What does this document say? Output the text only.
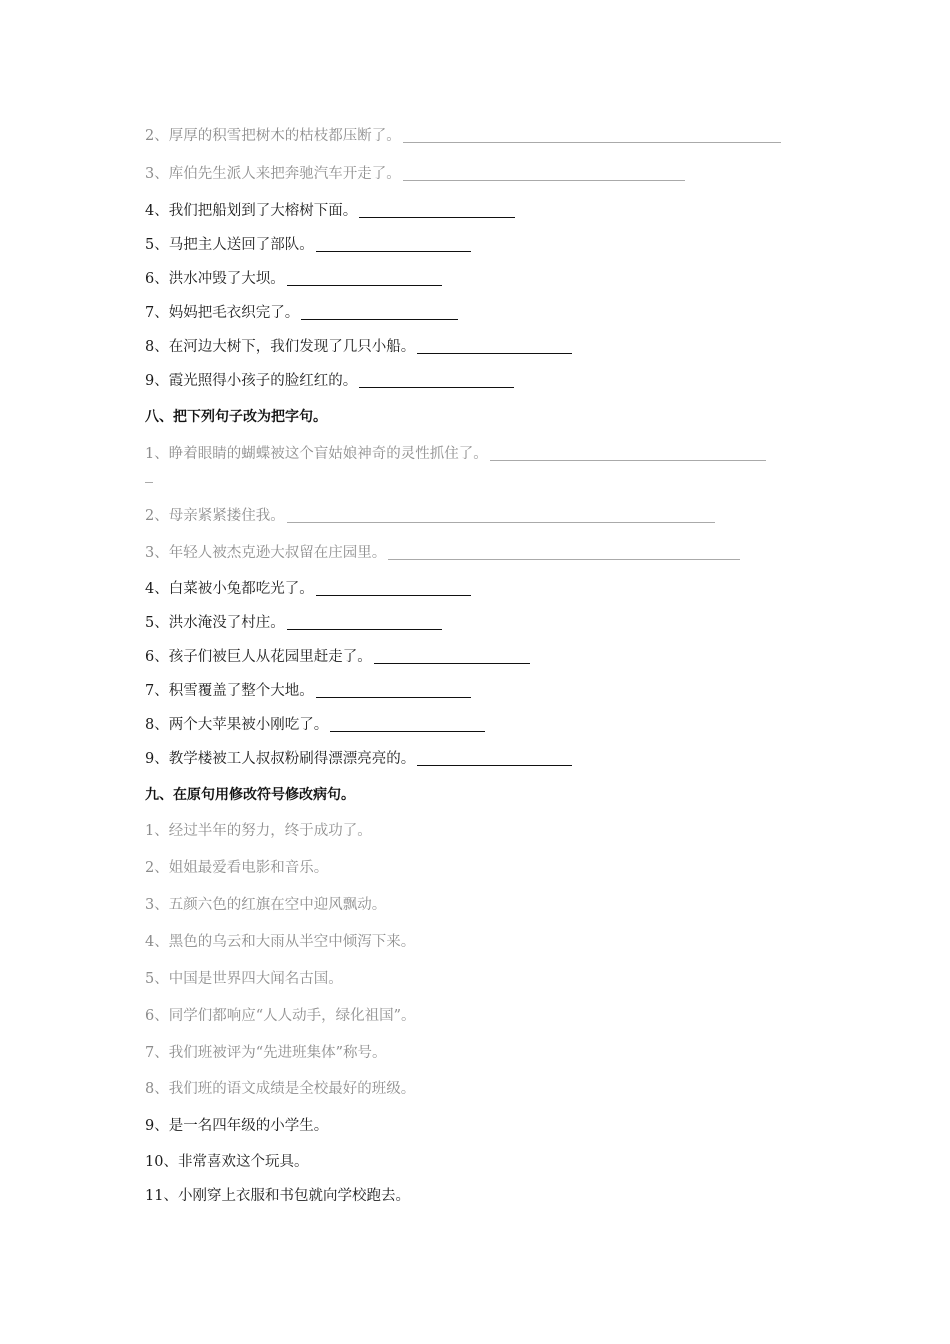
2、厚厚的积雪把树木的枯枝都压断了。
3、库伯先生派人来把奔驰汽车开走了。
4、我们把船划到了大榕树下面。
5、马把主人送回了部队。
6、洪水冲毁了大坝。
7、妈妈把毛衣织完了。
8、在河边大树下，我们发现了几只小船。
9、霞光照得小孩子的脸红红的。
八、把下列句子改为把字句。
1、睁着眼睛的蝴蝶被这个盲姑娘神奇的灵性抓住了。
2、母亲紧紧搂住我。
3、年轻人被杰克逊大叔留在庄园里。
4、白菜被小兔都吃光了。
5、洪水淹没了村庄。
6、孩子们被巨人从花园里赶走了。
7、积雪覆盖了整个大地。
8、两个大苹果被小刚吃了。
9、教学楼被工人叔叔粉刷得漂漂亮亮的。
九、在原句用修改符号修改病句。
1、经过半年的努力，终于成功了。
2、姐姐最爱看电影和音乐。
3、五颜六色的红旗在空中迎风飘动。
4、黑色的乌云和大雨从半空中倾泻下来。
5、中国是世界四大闻名古国。
6、同学们都响应“人人动手，绿化祖国”。
7、我们班被评为“先进班集体”称号。
8、我们班的语文成绩是全校最好的班级。
9、是一名四年级的小学生。
10、非常喜欢这个玩具。
11、小刚穿上衣服和书包就向学校跑去。
